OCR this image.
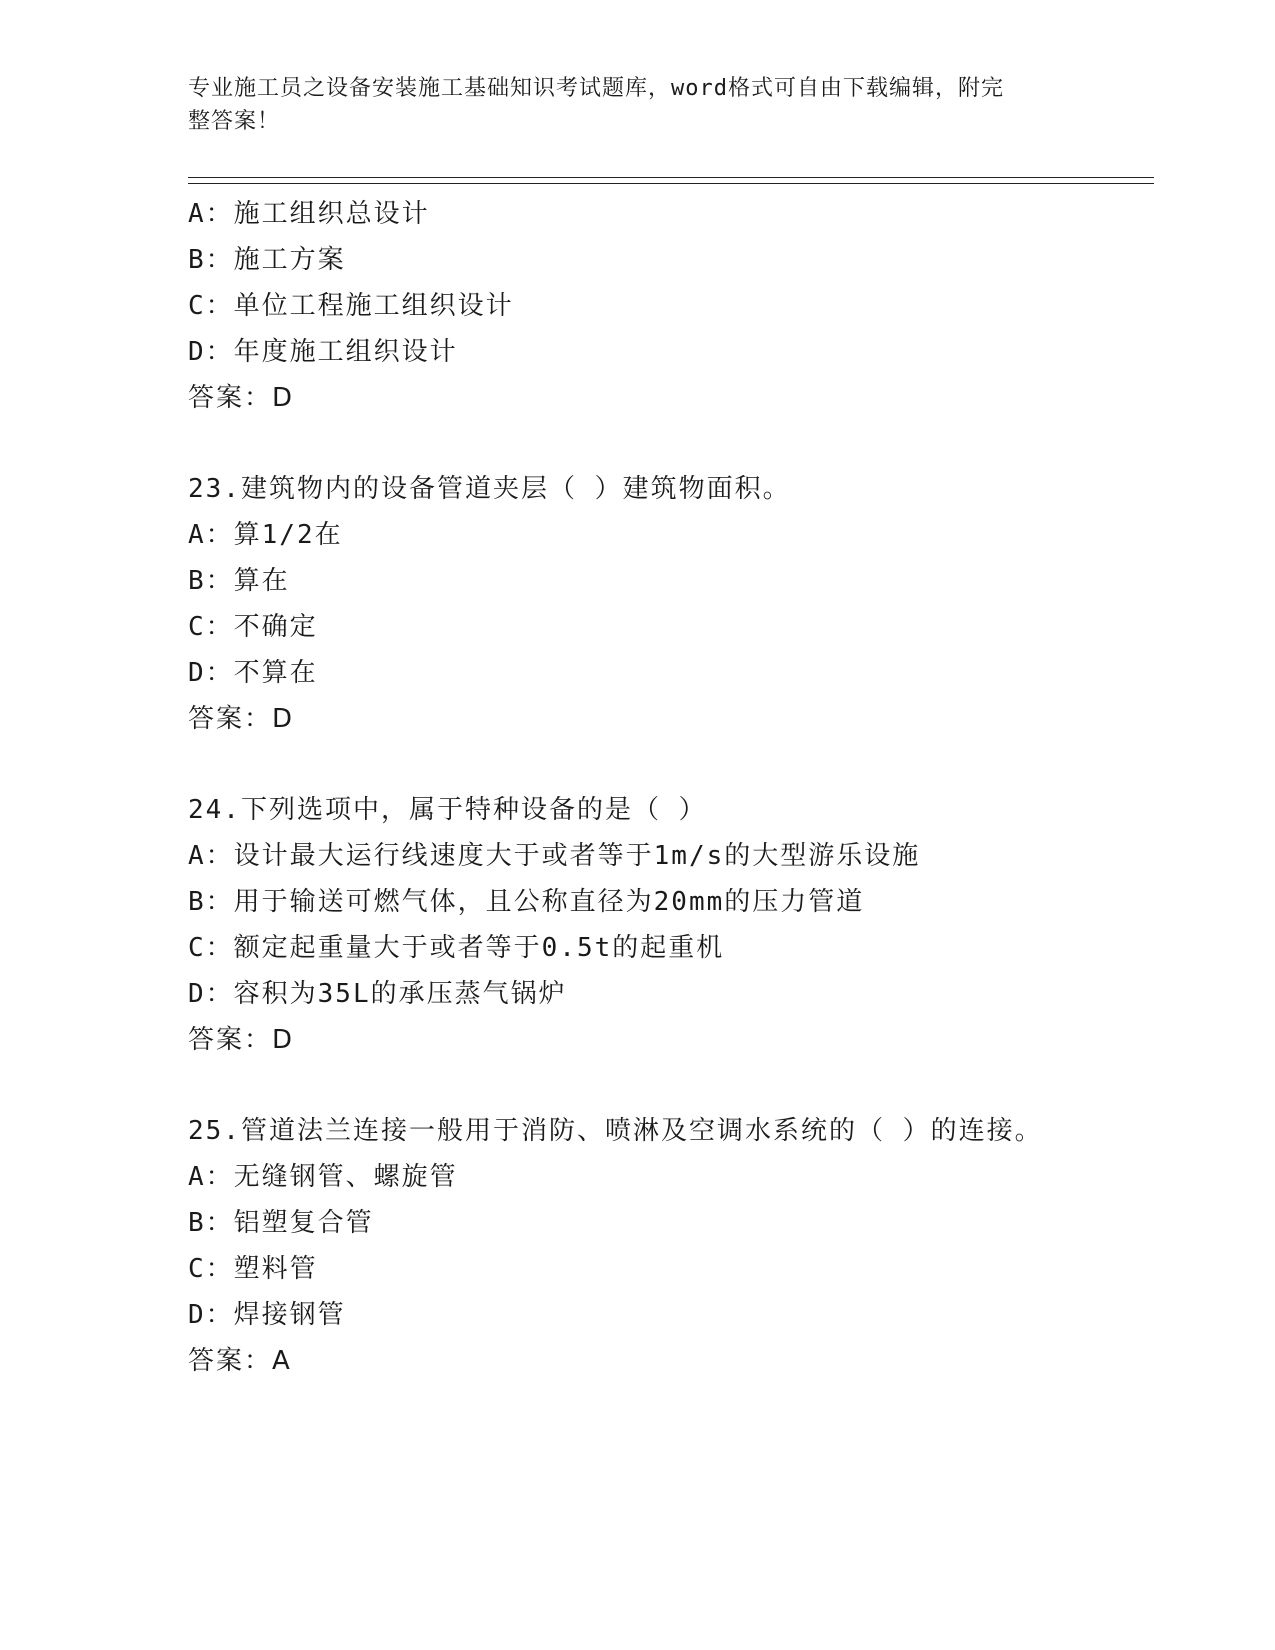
专业施工员之设备安装施工基础知识考试题库，word格式可自由下载编辑，附完
整答案！
A：施工组织总设计
B：施工方案
C：单位工程施工组织设计
D：年度施工组织设计
答案：D
23.建筑物内的设备管道夹层（ ）建筑物面积。
A：算1/2在
B：算在
C：不确定
D：不算在
答案：D
24.下列选项中，属于特种设备的是（ ）
A：设计最大运行线速度大于或者等于1m/s的大型游乐设施
B：用于输送可燃气体，且公称直径为20mm的压力管道
C：额定起重量大于或者等于0.5t的起重机
D：容积为35L的承压蒸气锅炉
答案：D
25.管道法兰连接一般用于消防、喷淋及空调水系统的（ ）的连接。
A：无缝钢管、螺旋管
B：铝塑复合管
C：塑料管
D：焊接钢管
答案：A
